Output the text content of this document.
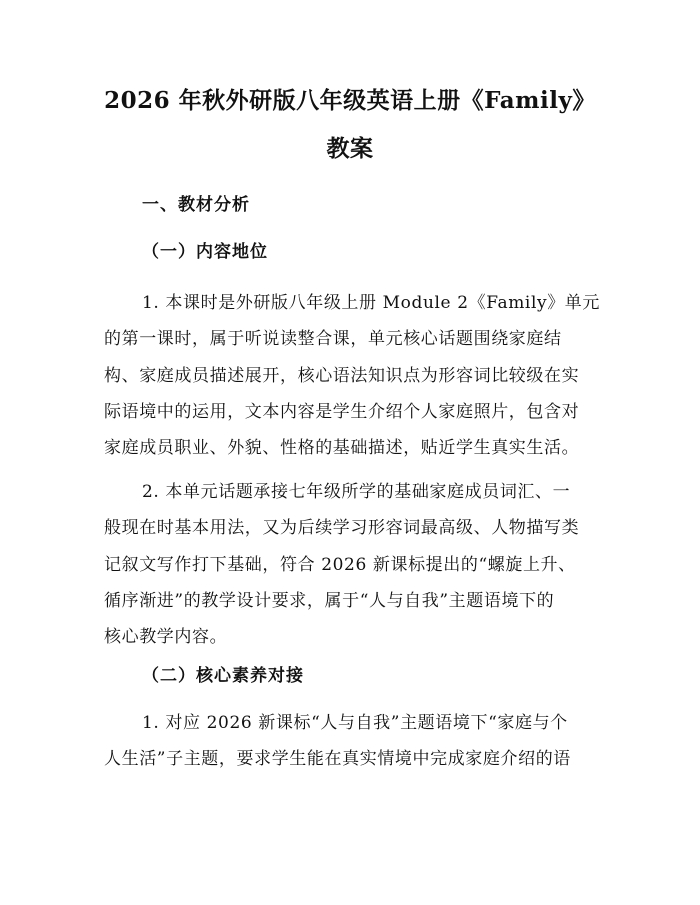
2026 年秋外研版八年级英语上册《Family》
教案
一、教材分析
（一）内容地位
1. 本课时是外研版八年级上册 Module 2《Family》单元
的第一课时，属于听说读整合课，单元核心话题围绕家庭结
构、家庭成员描述展开，核心语法知识点为形容词比较级在实
际语境中的运用，文本内容是学生介绍个人家庭照片，包含对
家庭成员职业、外貌、性格的基础描述，贴近学生真实生活。
2. 本单元话题承接七年级所学的基础家庭成员词汇、一
般现在时基本用法，又为后续学习形容词最高级、人物描写类
记叙文写作打下基础，符合 2026 新课标提出的“螺旋上升、
循序渐进”的教学设计要求，属于“人与自我”主题语境下的
核心教学内容。
（二）核心素养对接
1. 对应 2026 新课标“人与自我”主题语境下“家庭与个
人生活”子主题，要求学生能在真实情境中完成家庭介绍的语
